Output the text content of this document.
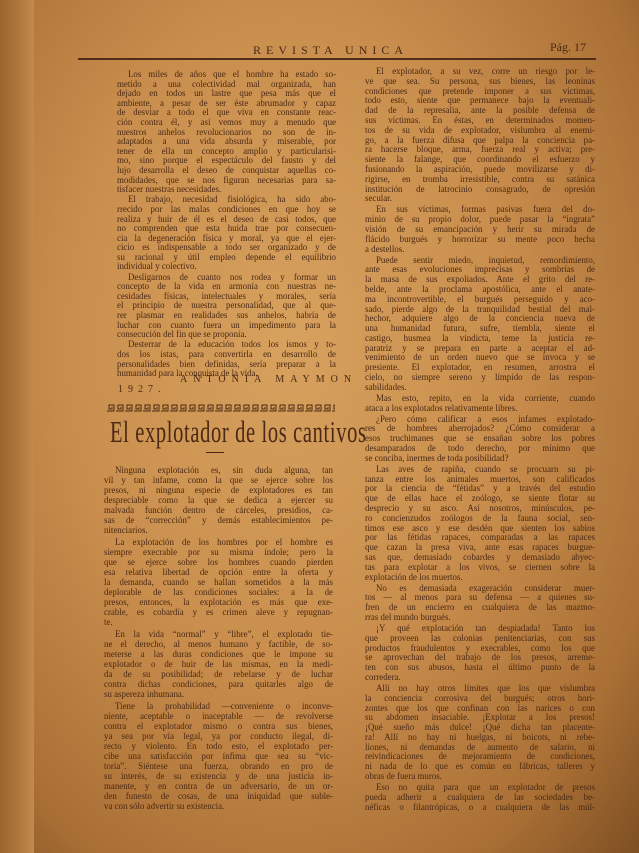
REVISTA UNICA	Pág. 17
Los miles de años que el hombre ha estado so-
metido a una colectividad mal organizada, han
dejado en todos un lastre que pesa más que el
ambiente, a pesar de ser éste abrumador y capaz
de desviar a todo el que viva en constante reac-
ción contra él, y así vemos muy a menudo que
nuestros anhelos revolucionarios no son de in-
adaptados a una vida absurda y miserable, por
tener de ella un concepto amplio y particularisi-
mo, sino porque el espectáculo del fausto y del
lujo desarrolla el deseo de conquistar aquellas co-
modidades, que se nos figuran necesarias para sa-
tisfacer nuestras necesidades.
El trabajo, necesidad fisiológica, ha sido abo-
rrecido por las malas condiciones en que hoy se
realiza y huir de él es el deseo de casi todos, que
no comprenden que esta huida trae por consecuen-
cia la degeneración física y moral, ya que el ejer-
cicio es indispensable a todo ser organizado y de
su racional y útil empleo depende el equilibrio
individual y colectivo.
Desligarnos de cuanto nos rodea y formar un
concepto de la vida en armonía con nuestras ne-
cesidades físicas, intelectuales y morales, sería
el principio de nuestra personalidad, que al que-
rer plasmar en realidades sus anhelos, habría de
luchar con cuanto fuera un impedimento para la
consecución del fin que se proponía.
Desterrar de la educación todos los ismos y to-
dos los istas, para convertirla en desarrollo de
personalidades bien definidas, sería preparar a la
humanidad para la conquista de la vida.
ANTONIA MAYMON
1927.
El explotador de los cantivos
Ninguna explotación es, sin duda alguna, tan
vil y tan infame, como la que se ejerce sobre los
presos, ni ninguna especie de explotadores es tan
despreciable como la que se dedica a ejercer su
malvada función dentro de cárceles, presidios, ca-
sas de “corrección” y demás establecimientos pe-
nitenciarios.
La explotación de los hombres por el hombre es
siempre execrable por su misma índole; pero la
que se ejerce sobre los hombres cuando pierden
esa relativa libertad de opción entre la oferta y
la demanda, cuando se hallan sometidos a la más
deplorable de las condiciones sociales: a la de
presos, entonces, la explotación es más que exe-
crable, es cobardía y es crimen aleve y repugnan-
te.
En la vida “normal” y “libre”, el explotado tie-
ne el derecho, al menos humano y factible, de so-
meterse a las duras condiciones que le impone su
explotador o de huir de las mismas, en la medi-
da de su posibilidad; de rebelarse y de luchar
contra dichas condiciones, para quitarles algo de
su aspereza inhumana.
Tiene la probabilidad —conveniente o inconve-
niente, aceptable o inaceptable — de revolverse
contra el explotador mismo o contra sus bienes,
ya sea por vía legal, ya por conducto ilegal, di-
recto y violento. En todo esto, el explotado per-
cibe una satisfacción por ínfima que sea su “vic-
toria”. Siéntese una fuerza, obrando en pro de
su interés, de su existencia y de una justicia in-
manente, y en contra de un adversario, de un or-
den funesto de cosas, de una iniquidad que suble-
va con sólo advertir su existencia.
El explotador, a su vez, corre un riesgo por le-
ve que sea. Su persona, sus bienes, las leoninas
condiciones que pretende imponer a sus víctimas,
todo esto, siente que permanece bajo la eventuali-
dad de la represalia, ante la posible defensa de
sus víctimas. En éstas, en determinados momen-
tos de su vida de explotador, vislumbra al enemi-
go, a la fuerza difusa que palpa la conciencia pa-
ra hacerse bloque, arma, fuerza real y activa; pre-
siente la falange, que coordinando el esfuerzo y
fusionando la aspiración, puede movilizarse y di-
rigirse, en tromba irresistible, contra su satánica
institución de latrocinio consagrado, de opresión
secular.
En sus víctimas, formas pasivas fuera del do-
minio de su propio dolor, puede pasar la “ingrata”
visión de su emancipación y herir su mirada de
flácido burgués y horrorizar su mente poco hecha
a destellos.
Puede sentir miedo, inquietud, remordimiento,
ante esas evoluciones imprecisas y sombrías de
la masa de sus expoliados. Ante el grito del re-
belde, ante la proclama apostólica, ante el anate-
ma incontrovertible, el burgués perseguido y aco-
sado, pierde algo de la tranquilidad bestial del mal-
hechor, adquiere algo de la conciencia nueva de
una humanidad futura, sufre, tiembla, siente el
castigo, husmea la vindicta, teme la justicia re-
paratriz y se prepara en parte a aceptar el ad-
venimiento de un orden nuevo que se invoca y se
presiente. El explotador, en resumen, arrostra el
cielo, no siempre sereno y límpido de las respon-
sabilidades.
Mas esto, repito, en la vida corriente, cuando
ataca a los explotados relativamente libres.
¿Pero cómo calificar a esos infames explotado-
res de hombres aherrojados? ¿Cómo considerar a
esos truchimanes que se ensañan sobre los pobres
desamparados de todo derecho, por mínimo que
se conciba, inermes de toda posibilidad?
Las aves de rapiña, cuando se procuarn su pi-
tanza entre los animales muertos, son calificados
por la ciencia de “fétidas” y a través del estudio
que de ellas hace el zoólogo, se siente flotar su
desprecio y su asco. Así nosotros, minúsculos, pe-
ro concienzudos zoólogos de la fauna social, sen-
timos ese asco y ese desdén que sienten los sabios
por las fétidas rapaces, comparadas a las rapaces
que cazan la presa viva, ante esas rapaces burgue-
sas que, demasiado cobardes y demasiado abyec-
tas para explotar a los vivos, se ciernen sobre la
explotación de los muertos.
No es demasiada exageración considerar muer-
tos — al menos para su defensa — a quienes su-
fren de un encierro en cualquiera de las mazmo-
rras del mundo burgués.
¡Y qué explotación tan despiadada! Tanto los
que proveen las colonias penitenciarias, con sus
productos fraudulentos y execrables, como los que
se aprovechan del trabajo de los presos, arreme-
ten con sus abusos, hasta el último punto de la
corredera.
Allí no hay otros límites que los que vislumbra
la conciencia corrosiva del burgués; otros hori-
zontes que los que confinan con las narices o con
su abdomen insaciable. ¡Explotar a los presos!
¡Qué sueño más dulce! ¡Qué dicha tan placente-
ra! Allí no hay ni huelgas, ni boicots, ni rebe-
liones, ni demandas de aumento de salario, ni
reivindicaciones de mejoramiento de condiciones,
ni nada de lo que es común en fábricas, talleres y
obras de fuera muros.
Eso no quita para que un explotador de presos
pueda adherir a cualquiera de las sociedades be-
néficas o filantrópicas, o a cualquiera de las múl-
